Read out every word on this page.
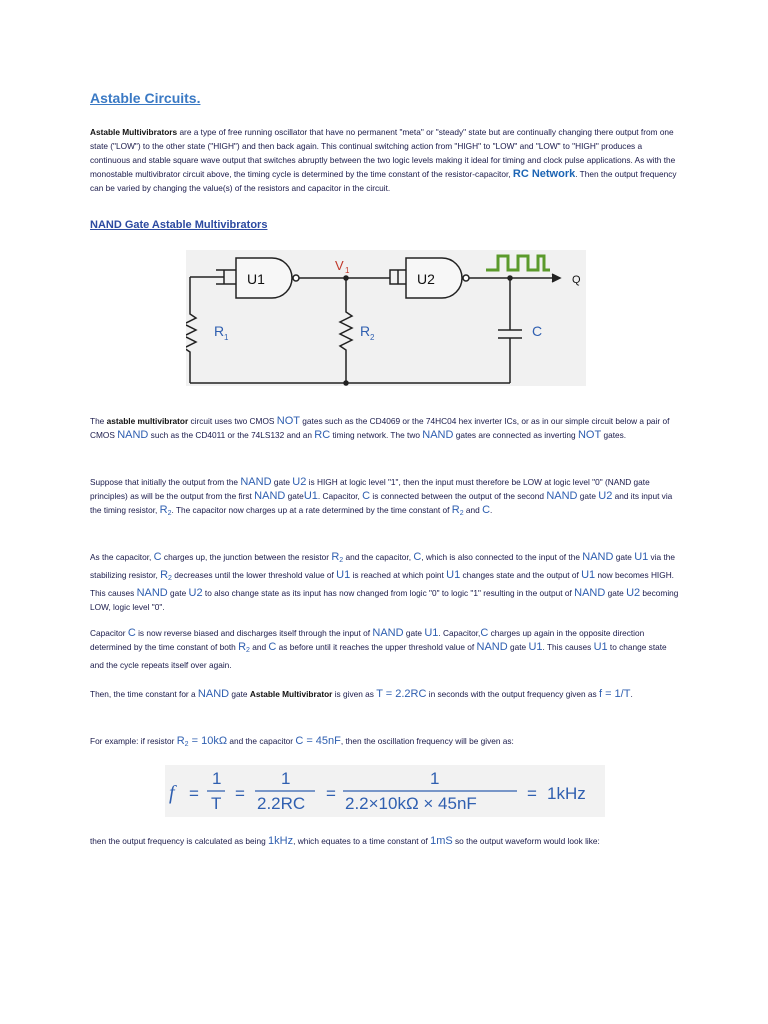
Astable Circuits.

Astable Multivibrators are a type of free running oscillator that have no permanent "meta" or "steady" state but are continually changing there output from one state ("LOW") to the other state ("HIGH") and then back again. This continual switching action from "HIGH" to "LOW" and "LOW" to "HIGH" produces a continuous and stable square wave output that switches abruptly between the two logic levels making it ideal for timing and clock pulse applications. As with the monostable multivibrator circuit above, the timing cycle is determined by the time constant of the resistor-capacitor, RC Network. Then the output frequency can be varied by changing the value(s) of the resistors and capacitor in the circuit.

NAND Gate Astable Multivibrators
U1	U2
V 1
R 1	R 2	C
Q

The astable multivibrator circuit uses two CMOS NOT gates such as the CD4069 or the 74HC04 hex inverter ICs, or as in our simple circuit below a pair of CMOS NAND such as the CD4011 or the 74LS132 and an RC timing network. The two NAND gates are connected as inverting NOT gates.

Suppose that initially the output from the NAND gate U2 is HIGH at logic level "1", then the input must therefore be LOW at logic level "0" (NAND gate principles) as will be the output from the first NAND gateU1. Capacitor, C is connected between the output of the second NAND gate U2 and its input via the timing resistor, $R_2$. The capacitor now charges up at a rate determined by the time constant of $R_2$ and C.

As the capacitor, C charges up, the junction between the resistor $R_2$ and the capacitor, C, which is also connected to the input of the NAND gate U1 via the stabilizing resistor, $R_2$ decreases until the lower threshold value of U1 is reached at which point U1 changes state and the output of U1 now becomes HIGH. This causes NAND gate U2 to also change state as its input has now changed from logic "0" to logic "1" resulting in the output of NAND gate U2 becoming LOW, logic level "0".

Capacitor C is now reverse biased and discharges itself through the input of NAND gate U1. Capacitor,C charges up again in the opposite direction determined by the time constant of both $R_2$ and C as before until it reaches the upper threshold value of NAND gate U1. This causes U1 to change state and the cycle repeats itself over again.

Then, the time constant for a NAND gate Astable Multivibrator is given as T = 2.2RC in seconds with the output frequency given as f = 1/T.

For example: if resistor $R_2 = 10k\Omega$ and the capacitor C = 45nF, then the oscillation frequency will be given as:

f =
1
T
=
1
2.2RC
=
1
2.2×10kΩ × 45nF
= 1kHz

then the output frequency is calculated as being 1kHz, which equates to a time constant of 1mS so the output waveform would look like:
